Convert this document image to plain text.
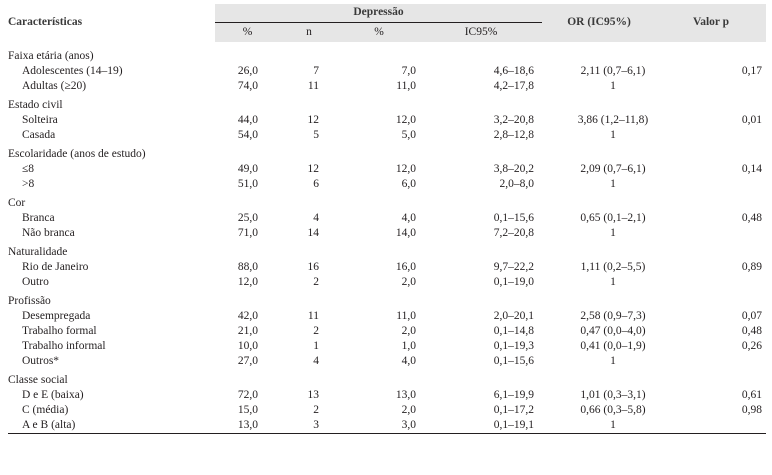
Características	Depressão				OR (IC95%)	Valor p
	%	n	%	IC95%		
Faixa etária (anos)						
Adolescentes (14–19)	26,0	7	7,0	4,6–18,6	2,11 (0,7–6,1)	0,17
Adultas (≥20)	74,0	11	11,0	4,2–17,8	1	
Estado civil						
Solteira	44,0	12	12,0	3,2–20,8	3,86 (1,2–11,8)	0,01
Casada	54,0	5	5,0	2,8–12,8	1	
Escolaridade (anos de estudo)						
≤8	49,0	12	12,0	3,8–20,2	2,09 (0,7–6,1)	0,14
>8	51,0	6	6,0	2,0–8,0	1	
Cor						
Branca	25,0	4	4,0	0,1–15,6	0,65 (0,1–2,1)	0,48
Não branca	71,0	14	14,0	7,2–20,8	1	
Naturalidade						
Rio de Janeiro	88,0	16	16,0	9,7–22,2	1,11 (0,2–5,5)	0,89
Outro	12,0	2	2,0	0,1–19,0	1	
Profissão						
Desempregada	42,0	11	11,0	2,0–20,1	2,58 (0,9–7,3)	0,07
Trabalho formal	21,0	2	2,0	0,1–14,8	0,47 (0,0–4,0)	0,48
Trabalho informal	10,0	1	1,0	0,1–19,3	0,41 (0,0–1,9)	0,26
Outros*	27,0	4	4,0	0,1–15,6	1	
Classe social						
D e E (baixa)	72,0	13	13,0	6,1–19,9	1,01 (0,3–3,1)	0,61
C (média)	15,0	2	2,0	0,1–17,2	0,66 (0,3–5,8)	0,98
A e B (alta)	13,0	3	3,0	0,1–19,1	1	
